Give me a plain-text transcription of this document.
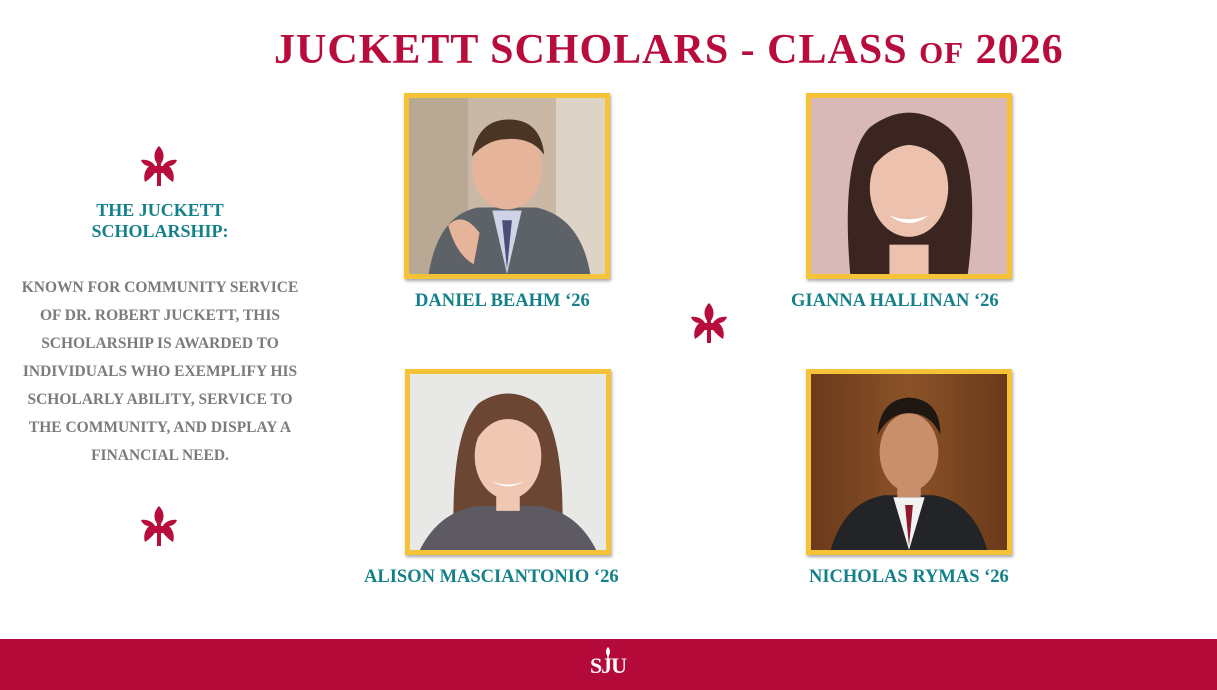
JUCKETT SCHOLARS - CLASS OF 2026
THE JUCKETT SCHOLARSHIP:

KNOWN FOR COMMUNITY SERVICE OF DR. ROBERT JUCKETT, THIS SCHOLARSHIP IS AWARDED TO INDIVIDUALS WHO EXEMPLIFY HIS SCHOLARLY ABILITY, SERVICE TO THE COMMUNITY, AND DISPLAY A FINANCIAL NEED.

DANIEL BEAHM ‘26	GIANNA HALLINAN ‘26

ALISON MASCIANTONIO ‘26	NICHOLAS RYMAS ‘26

SJU
